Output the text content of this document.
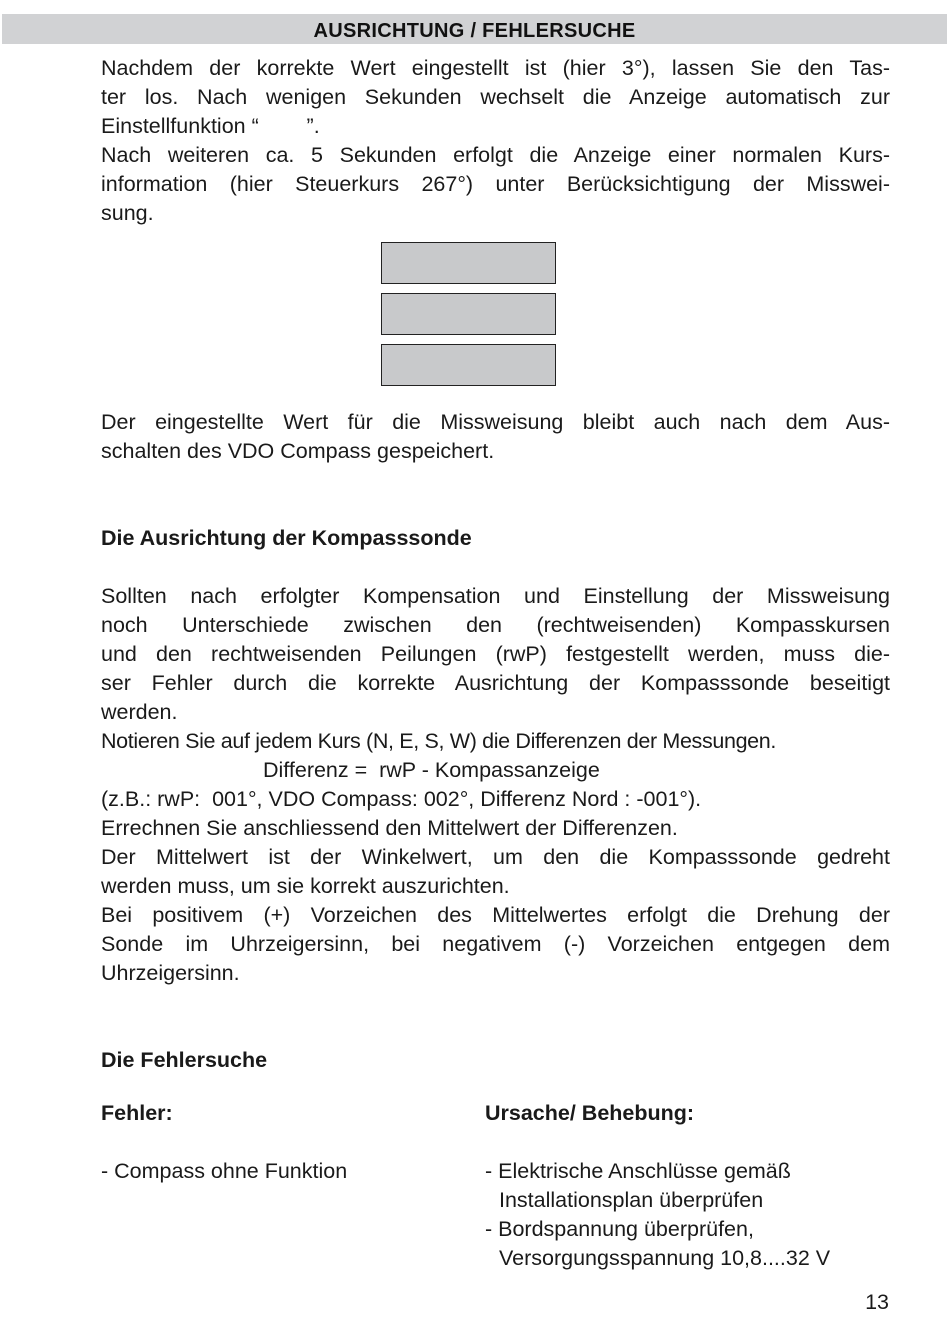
AUSRICHTUNG / FEHLERSUCHE

Nachdem der korrekte Wert eingestellt ist (hier 3°), lassen Sie den Tas-
ter los. Nach wenigen Sekunden wechselt die Anzeige automatisch zur
Einstellfunktion “        ”.

Nach weiteren ca. 5 Sekunden erfolgt die Anzeige einer normalen Kurs-
information (hier Steuerkurs 267°) unter Berücksichtigung der Misswei-
sung.

Der eingestellte Wert für die Missweisung bleibt auch nach dem Aus-
schalten des VDO Compass gespeichert.

Die Ausrichtung der Kompasssonde

Sollten nach erfolgter Kompensation und Einstellung der Missweisung
noch Unterschiede zwischen den (rechtweisenden) Kompasskursen
und den rechtweisenden Peilungen (rwP) festgestellt werden, muss die-
ser Fehler durch die korrekte Ausrichtung der Kompasssonde beseitigt
werden.

Notieren Sie auf jedem Kurs (N, E, S, W) die Differenzen der Messungen.

Differenz =  rwP - Kompassanzeige

(z.B.: rwP:  001°, VDO Compass: 002°, Differenz Nord : -001°).

Errechnen Sie anschliessend den Mittelwert der Differenzen.

Der Mittelwert ist der Winkelwert, um den die Kompasssonde gedreht
werden muss, um sie korrekt auszurichten.

Bei positivem (+) Vorzeichen des Mittelwertes erfolgt die Drehung der
Sonde im Uhrzeigersinn, bei negativem (-) Vorzeichen entgegen dem
Uhrzeigersinn.

Die Fehlersuche
Fehler:
- Compass ohne Funktion
Ursache/ Behebung:
- Elektrische Anschlüsse gemäß
Installationsplan überprüfen
- Bordspannung überprüfen,
Versorgungsspannung 10,8....32 V
13
